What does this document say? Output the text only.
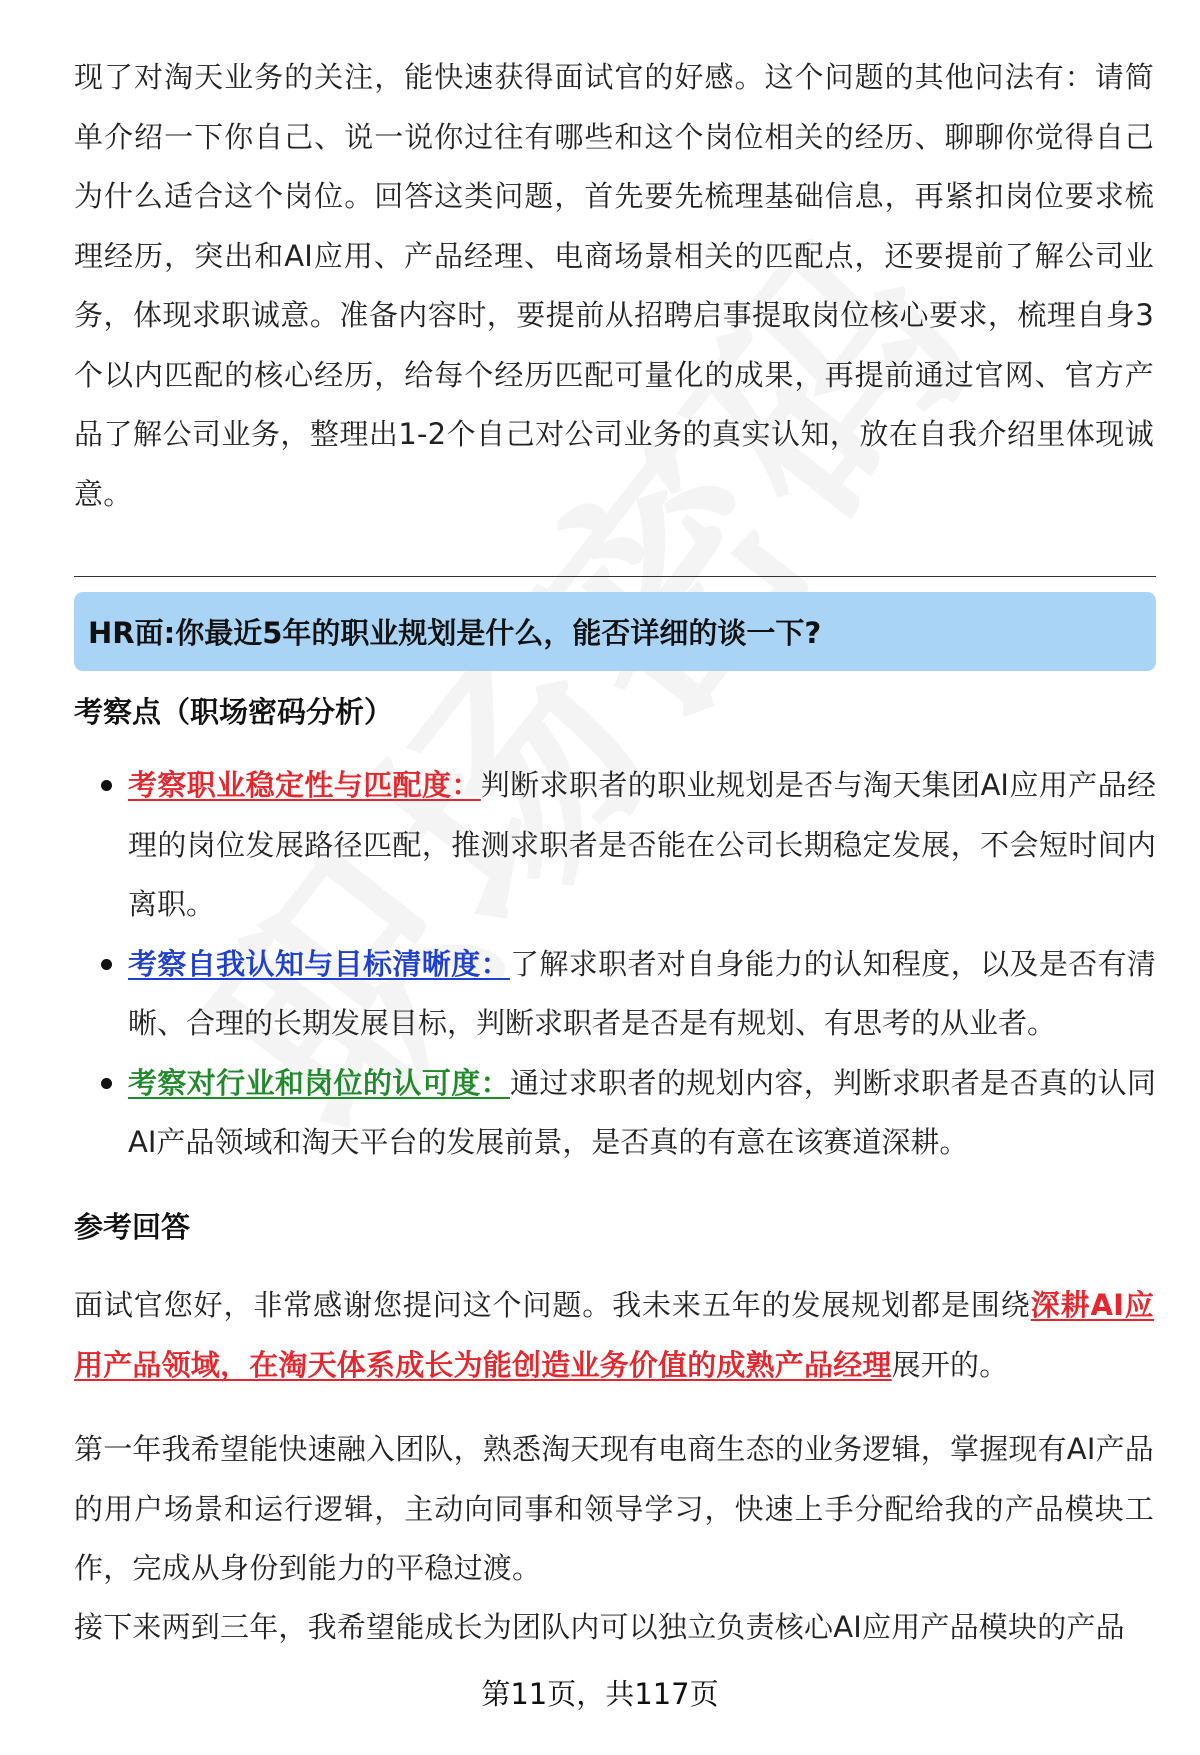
现了对淘天业务的关注，能快速获得面试官的好感。这个问题的其他问法有：请简单介绍一下你自己、说一说你过往有哪些和这个岗位相关的经历、聊聊你觉得自己为什么适合这个岗位。回答这类问题，首先要先梳理基础信息，再紧扣岗位要求梳理经历，突出和AI应用、产品经理、电商场景相关的匹配点，还要提前了解公司业务，体现求职诚意。准备内容时，要提前从招聘启事提取岗位核心要求，梳理自身3个以内匹配的核心经历，给每个经历匹配可量化的成果，再提前通过官网、官方产品了解公司业务，整理出1-2个自己对公司业务的真实认知，放在自我介绍里体现诚意。

HR面:你最近5年的职业规划是什么，能否详细的谈一下?
考察点（职场密码分析）
考察职业稳定性与匹配度：判断求职者的职业规划是否与淘天集团AI应用产品经理的岗位发展路径匹配，推测求职者是否能在公司长期稳定发展，不会短时间内离职。
考察自我认知与目标清晰度：了解求职者对自身能力的认知程度，以及是否有清晰、合理的长期发展目标，判断求职者是否是有规划、有思考的从业者。
考察对行业和岗位的认可度：通过求职者的规划内容，判断求职者是否真的认同AI产品领域和淘天平台的发展前景，是否真的有意在该赛道深耕。
参考回答

面试官您好，非常感谢您提问这个问题。我未来五年的发展规划都是围绕深耕AI应用产品领域，在淘天体系成长为能创造业务价值的成熟产品经理展开的。

第一年我希望能快速融入团队，熟悉淘天现有电商生态的业务逻辑，掌握现有AI产品的用户场景和运行逻辑，主动向同事和领导学习，快速上手分配给我的产品模块工作，完成从身份到能力的平稳过渡。

接下来两到三年，我希望能成长为团队内可以独立负责核心AI应用产品模块的产品

第11页，共117页
